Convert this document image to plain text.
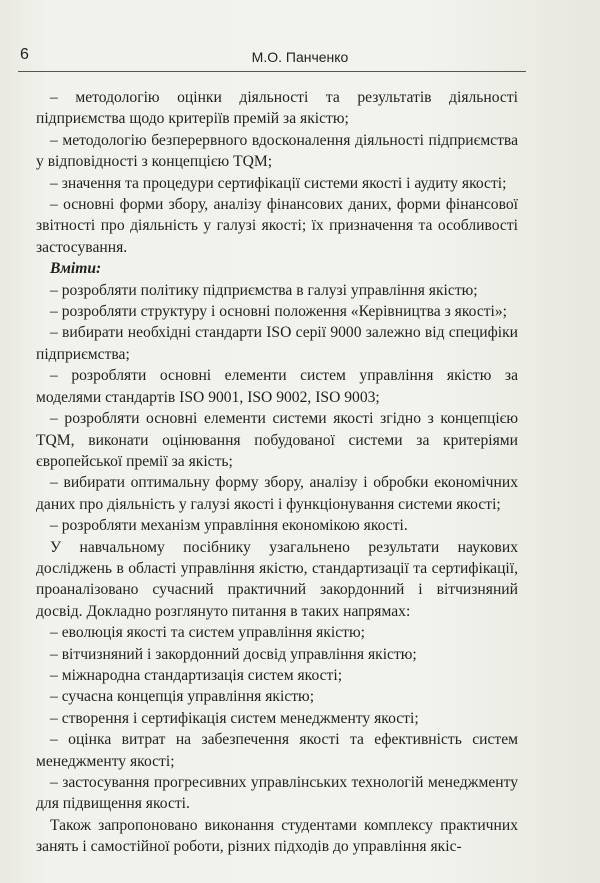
6	М.О. Панченко

– методологію оцінки діяльності та результатів діяльності підприємства щодо критеріїв премій за якістю;

– методологію безперервного вдосконалення діяльності підприємства у відповідності з концепцією TQM;

– значення та процедури сертифікації системи якості і аудиту якості;

– основні форми збору, аналізу фінансових даних, форми фінансової звітності про діяльність у галузі якості; їх призначення та особливості застосування.

Вміти:

– розробляти політику підприємства в галузі управління якістю;

– розробляти структуру і основні положення «Керівництва з якості»;

– вибирати необхідні стандарти ISO серії 9000 залежно від специфіки підприємства;

– розробляти основні елементи систем управління якістю за моделями стандартів ISO 9001, ISO 9002, ISO 9003;

– розробляти основні елементи системи якості згідно з концепцією TQM, виконати оцінювання побудованої системи за критеріями європейської премії за якість;

– вибирати оптимальну форму збору, аналізу і обробки економічних даних про діяльність у галузі якості і функціонування системи якості;

– розробляти механізм управління економікою якості.

У навчальному посібнику узагальнено результати наукових досліджень в області управління якістю, стандартизації та сертифікації, проаналізовано сучасний практичний закордонний і вітчизняний досвід. Докладно розглянуто питання в таких напрямах:

– еволюція якості та систем управління якістю;

– вітчизняний і закордонний досвід управління якістю;

– міжнародна стандартизація систем якості;

– сучасна концепція управління якістю;

– створення і сертифікація систем менеджменту якості;

– оцінка витрат на забезпечення якості та ефективність систем менеджменту якості;

– застосування прогресивних управлінських технологій менеджменту для підвищення якості.

Також запропоновано виконання студентами комплексу практичних занять і самостійної роботи, різних підходів до управління якіс-
